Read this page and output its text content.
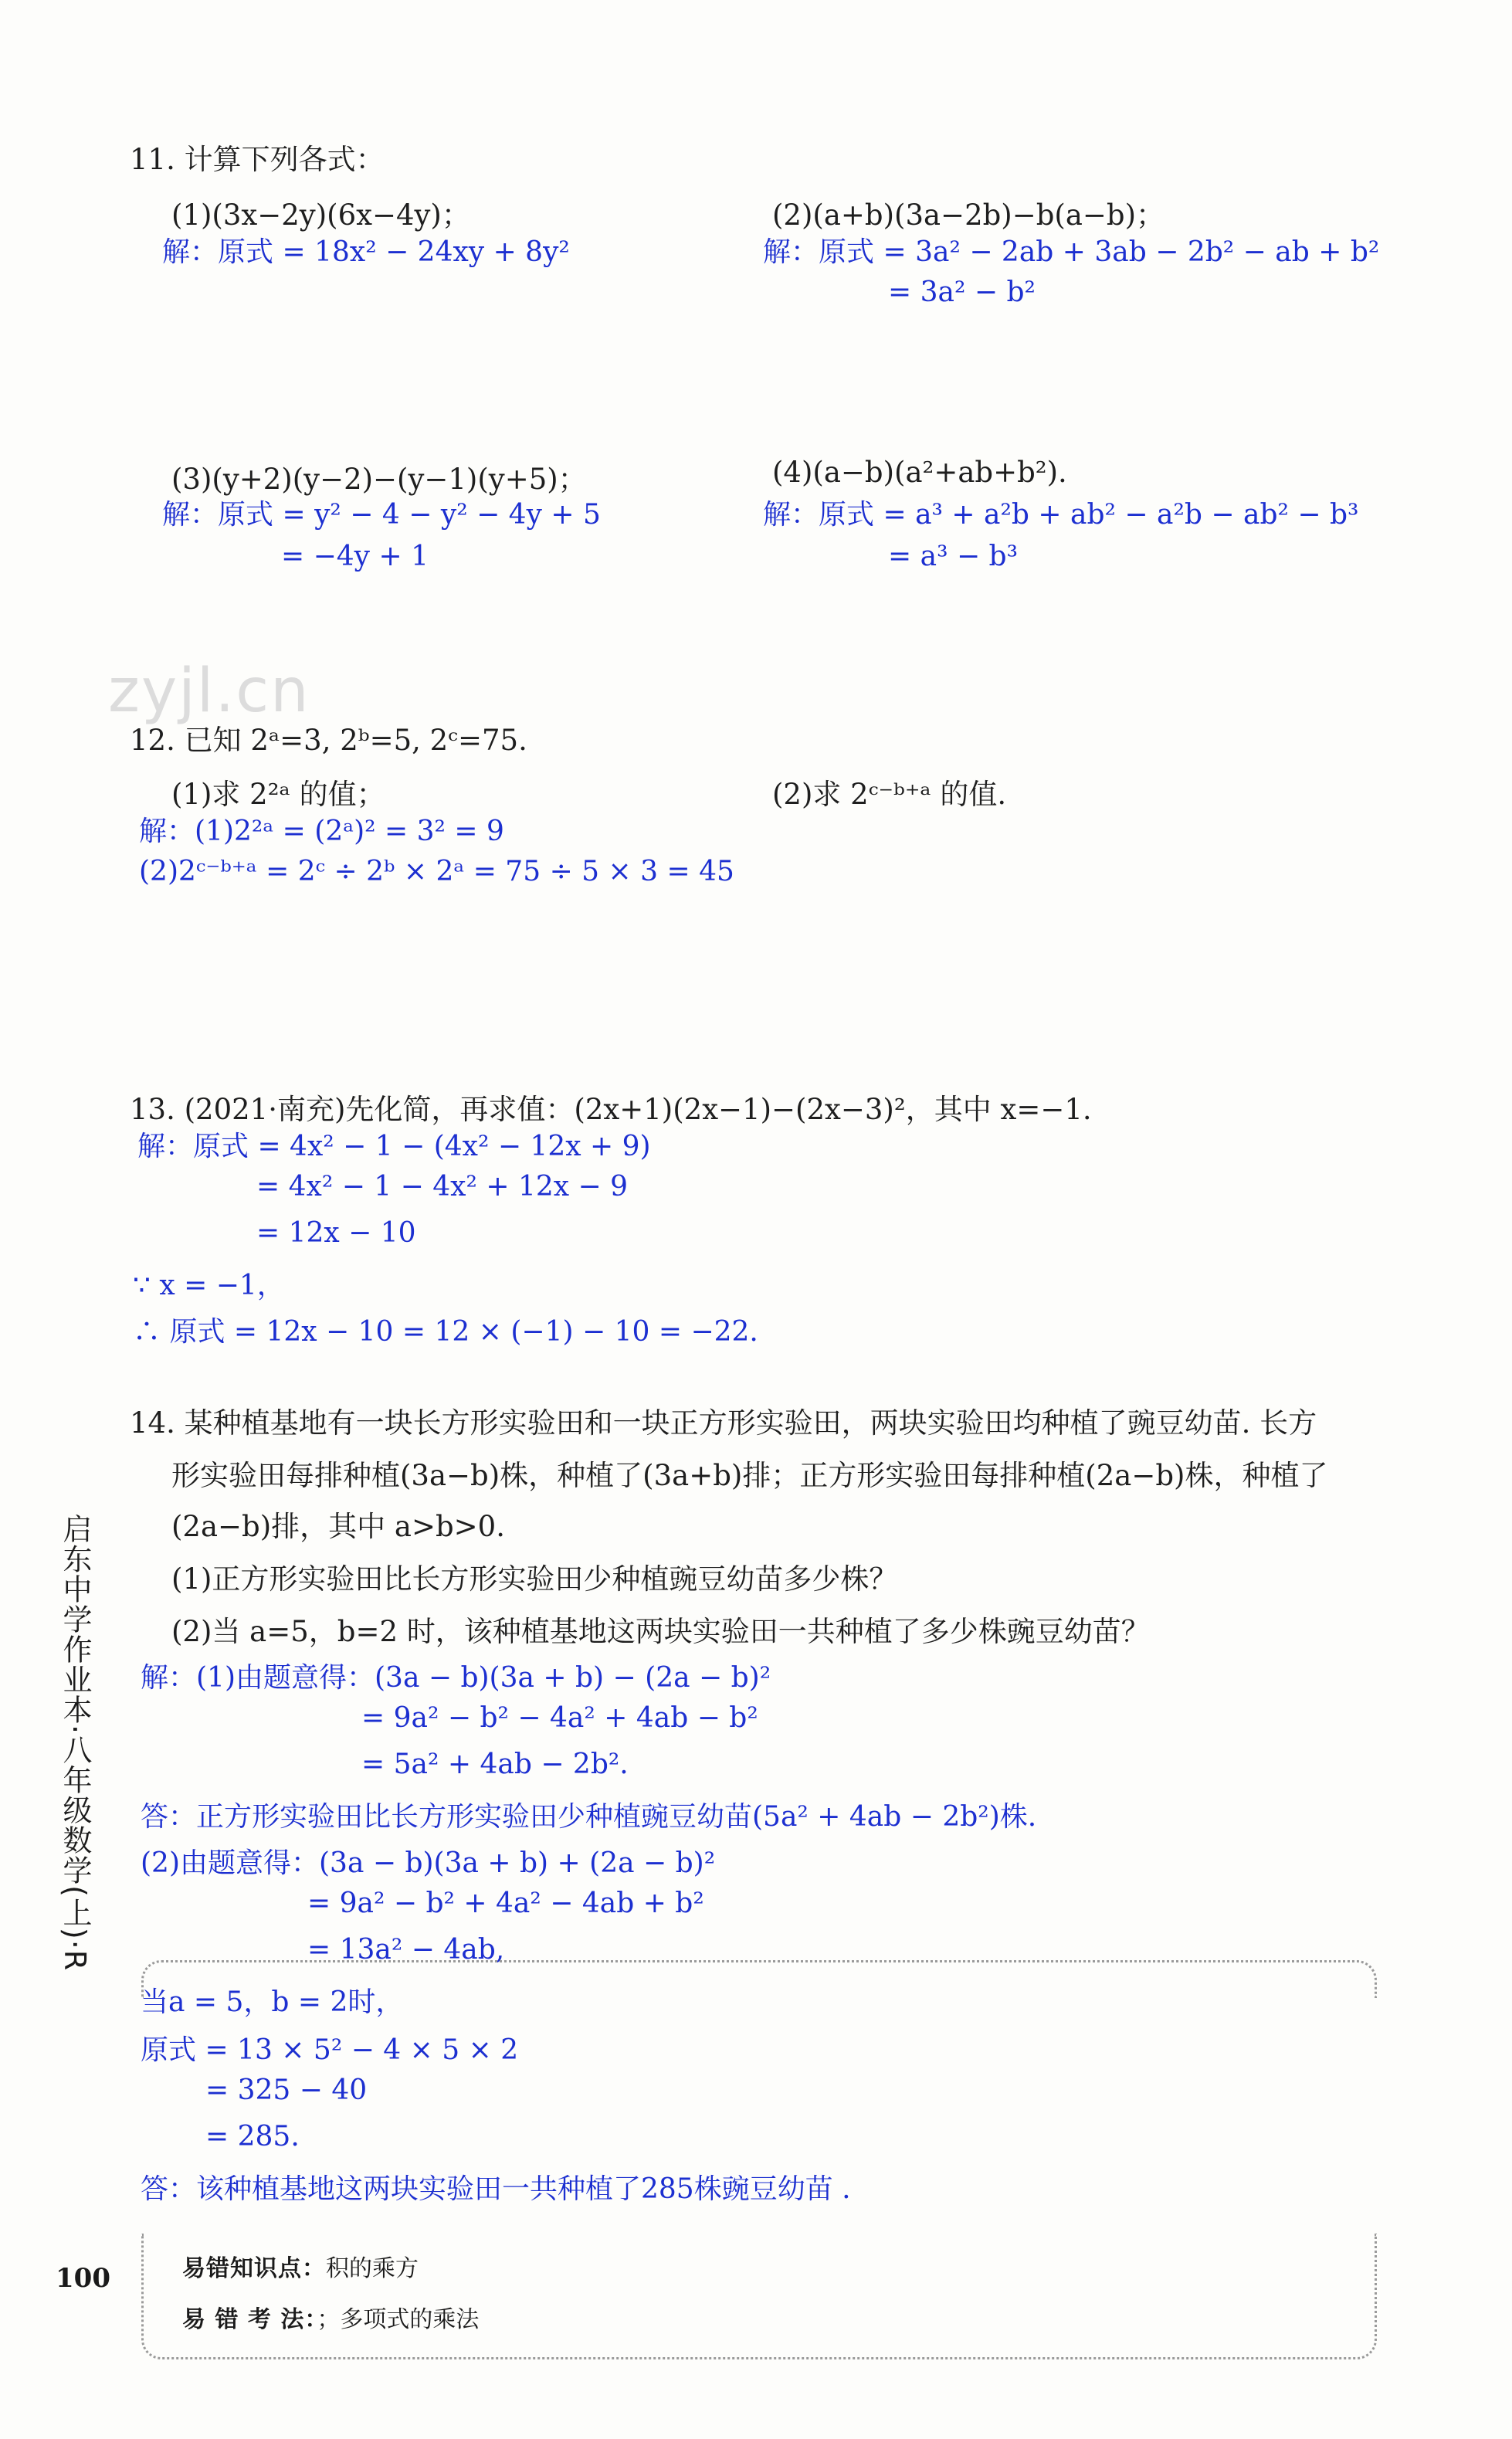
zyjl.cn
启东中学作业本·八年级数学(上)·R
11. 计算下列各式：
(1)(3x−2y)(6x−4y)；	(2)(a+b)(3a−2b)−b(a−b)；
解：原式 = 18x² − 24xy + 8y²	解：原式 = 3a² − 2ab + 3ab − 2b² − ab + b²
= 3a² − b²
(3)(y+2)(y−2)−(y−1)(y+5)；	(4)(a−b)(a²+ab+b²).
解：原式 = y² − 4 − y² − 4y + 5
= −4y + 1
解：原式 = a³ + a²b + ab² − a²b − ab² − b³
= a³ − b³
12. 已知 2ᵃ=3, 2ᵇ=5, 2ᶜ=75.
(1)求 2²ᵃ 的值；	(2)求 2ᶜ⁻ᵇ⁺ᵃ 的值.
解：(1)2²ᵃ = (2ᵃ)² = 3² = 9
(2)2ᶜ⁻ᵇ⁺ᵃ = 2ᶜ ÷ 2ᵇ × 2ᵃ = 75 ÷ 5 × 3 = 45
13. (2021·南充)先化简，再求值：(2x+1)(2x−1)−(2x−3)²，其中 x=−1.
解：原式 = 4x² − 1 − (4x² − 12x + 9)
= 4x² − 1 − 4x² + 12x − 9
= 12x − 10
∵ x = −1，
∴ 原式 = 12x − 10 = 12 × (−1) − 10 = −22.
14. 某种植基地有一块长方形实验田和一块正方形实验田，两块实验田均种植了豌豆幼苗. 长方
形实验田每排种植(3a−b)株，种植了(3a+b)排；正方形实验田每排种植(2a−b)株，种植了
(2a−b)排，其中 a>b>0.
(1)正方形实验田比长方形实验田少种植豌豆幼苗多少株？
(2)当 a=5，b=2 时，该种植基地这两块实验田一共种植了多少株豌豆幼苗？
解：(1)由题意得：(3a − b)(3a + b) − (2a − b)²
= 9a² − b² − 4a² + 4ab − b²
= 5a² + 4ab − 2b².
答：正方形实验田比长方形实验田少种植豌豆幼苗(5a² + 4ab − 2b²)株.
(2)由题意得：(3a − b)(3a + b) + (2a − b)²
= 9a² − b² + 4a² − 4ab + b²
= 13a² − 4ab,
当a = 5，b = 2时，
原式 = 13 × 5² − 4 × 5 × 2
= 325 − 40
= 285.
答：该种植基地这两块实验田一共种植了285株豌豆幼苗 .
100	易错知识点：积的乘方
易 错 考 法：；多项式的乘法
